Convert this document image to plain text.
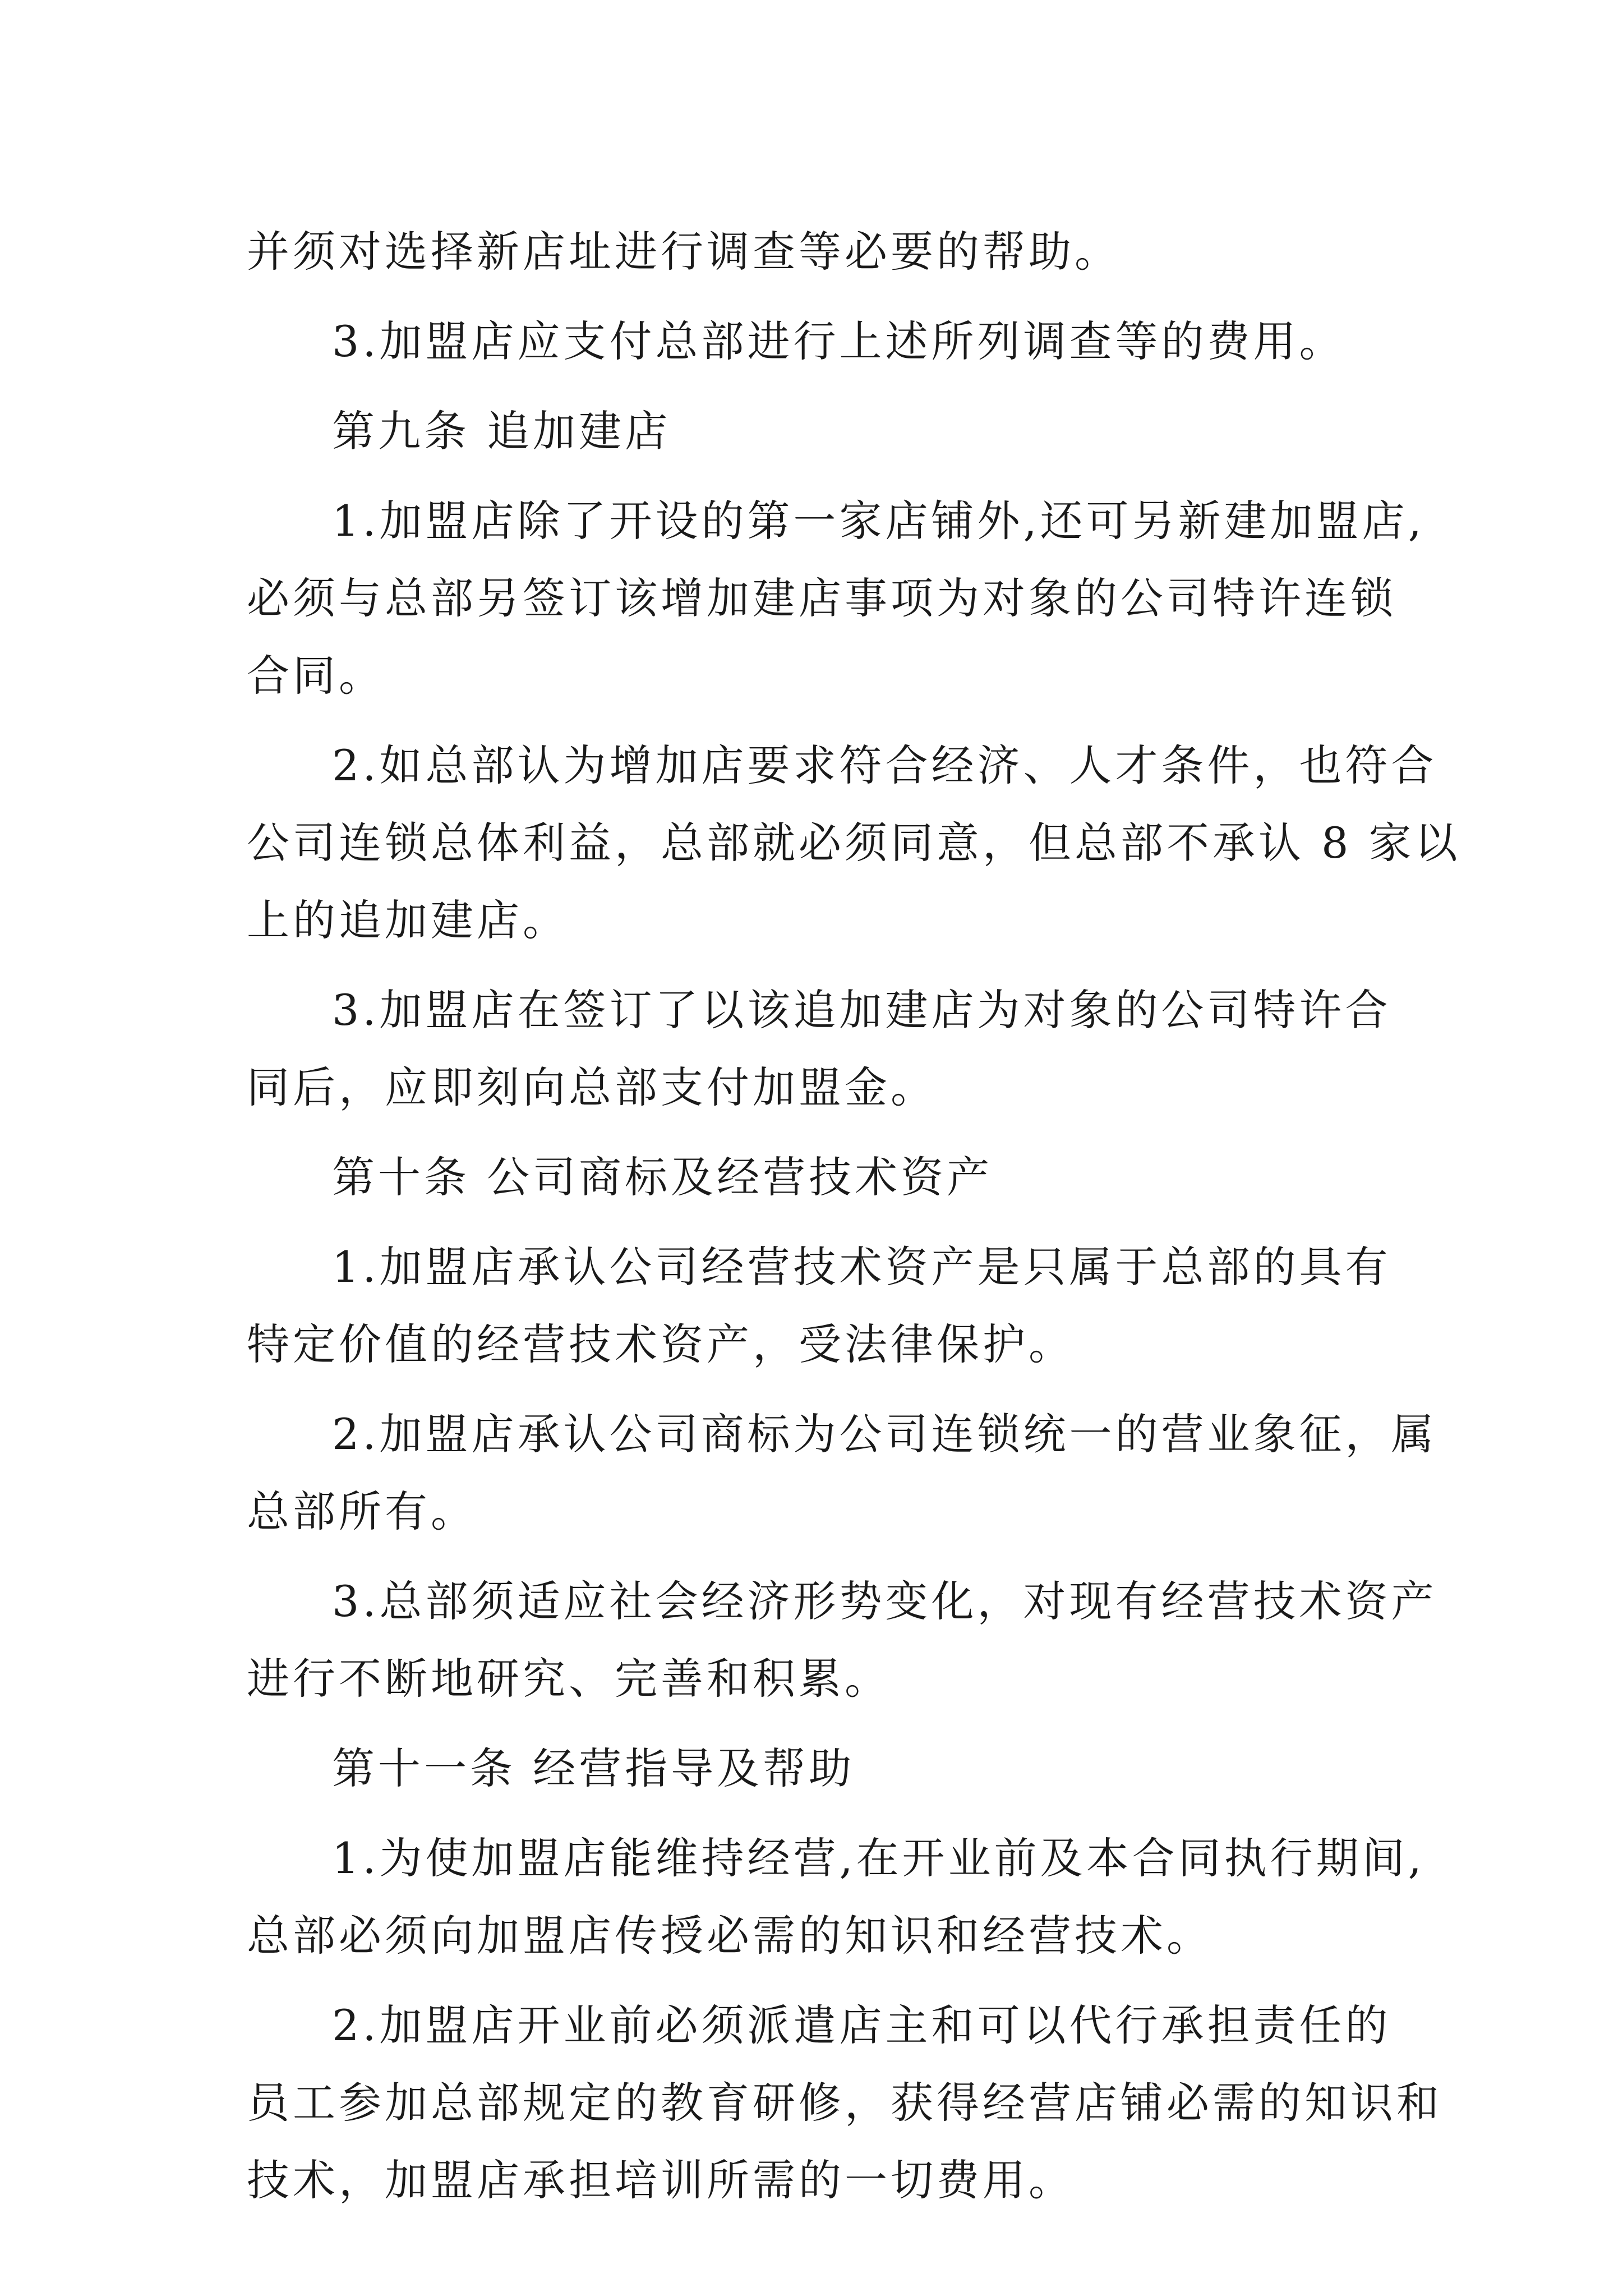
并须对选择新店址进行调查等必要的帮助。
3.加盟店应支付总部进行上述所列调查等的费用。
第九条 追加建店
1.加盟店除了开设的第一家店铺外,还可另新建加盟店,
必须与总部另签订该增加建店事项为对象的公司特许连锁
合同。
2.如总部认为增加店要求符合经济、人才条件，也符合
公司连锁总体利益，总部就必须同意，但总部不承认 8 家以
上的追加建店。
3.加盟店在签订了以该追加建店为对象的公司特许合
同后，应即刻向总部支付加盟金。
第十条 公司商标及经营技术资产
1.加盟店承认公司经营技术资产是只属于总部的具有
特定价值的经营技术资产，受法律保护。
2.加盟店承认公司商标为公司连锁统一的营业象征，属
总部所有。
3.总部须适应社会经济形势变化，对现有经营技术资产
进行不断地研究、完善和积累。
第十一条 经营指导及帮助
1.为使加盟店能维持经营,在开业前及本合同执行期间,
总部必须向加盟店传授必需的知识和经营技术。
2.加盟店开业前必须派遣店主和可以代行承担责任的
员工参加总部规定的教育研修，获得经营店铺必需的知识和
技术，加盟店承担培训所需的一切费用。
